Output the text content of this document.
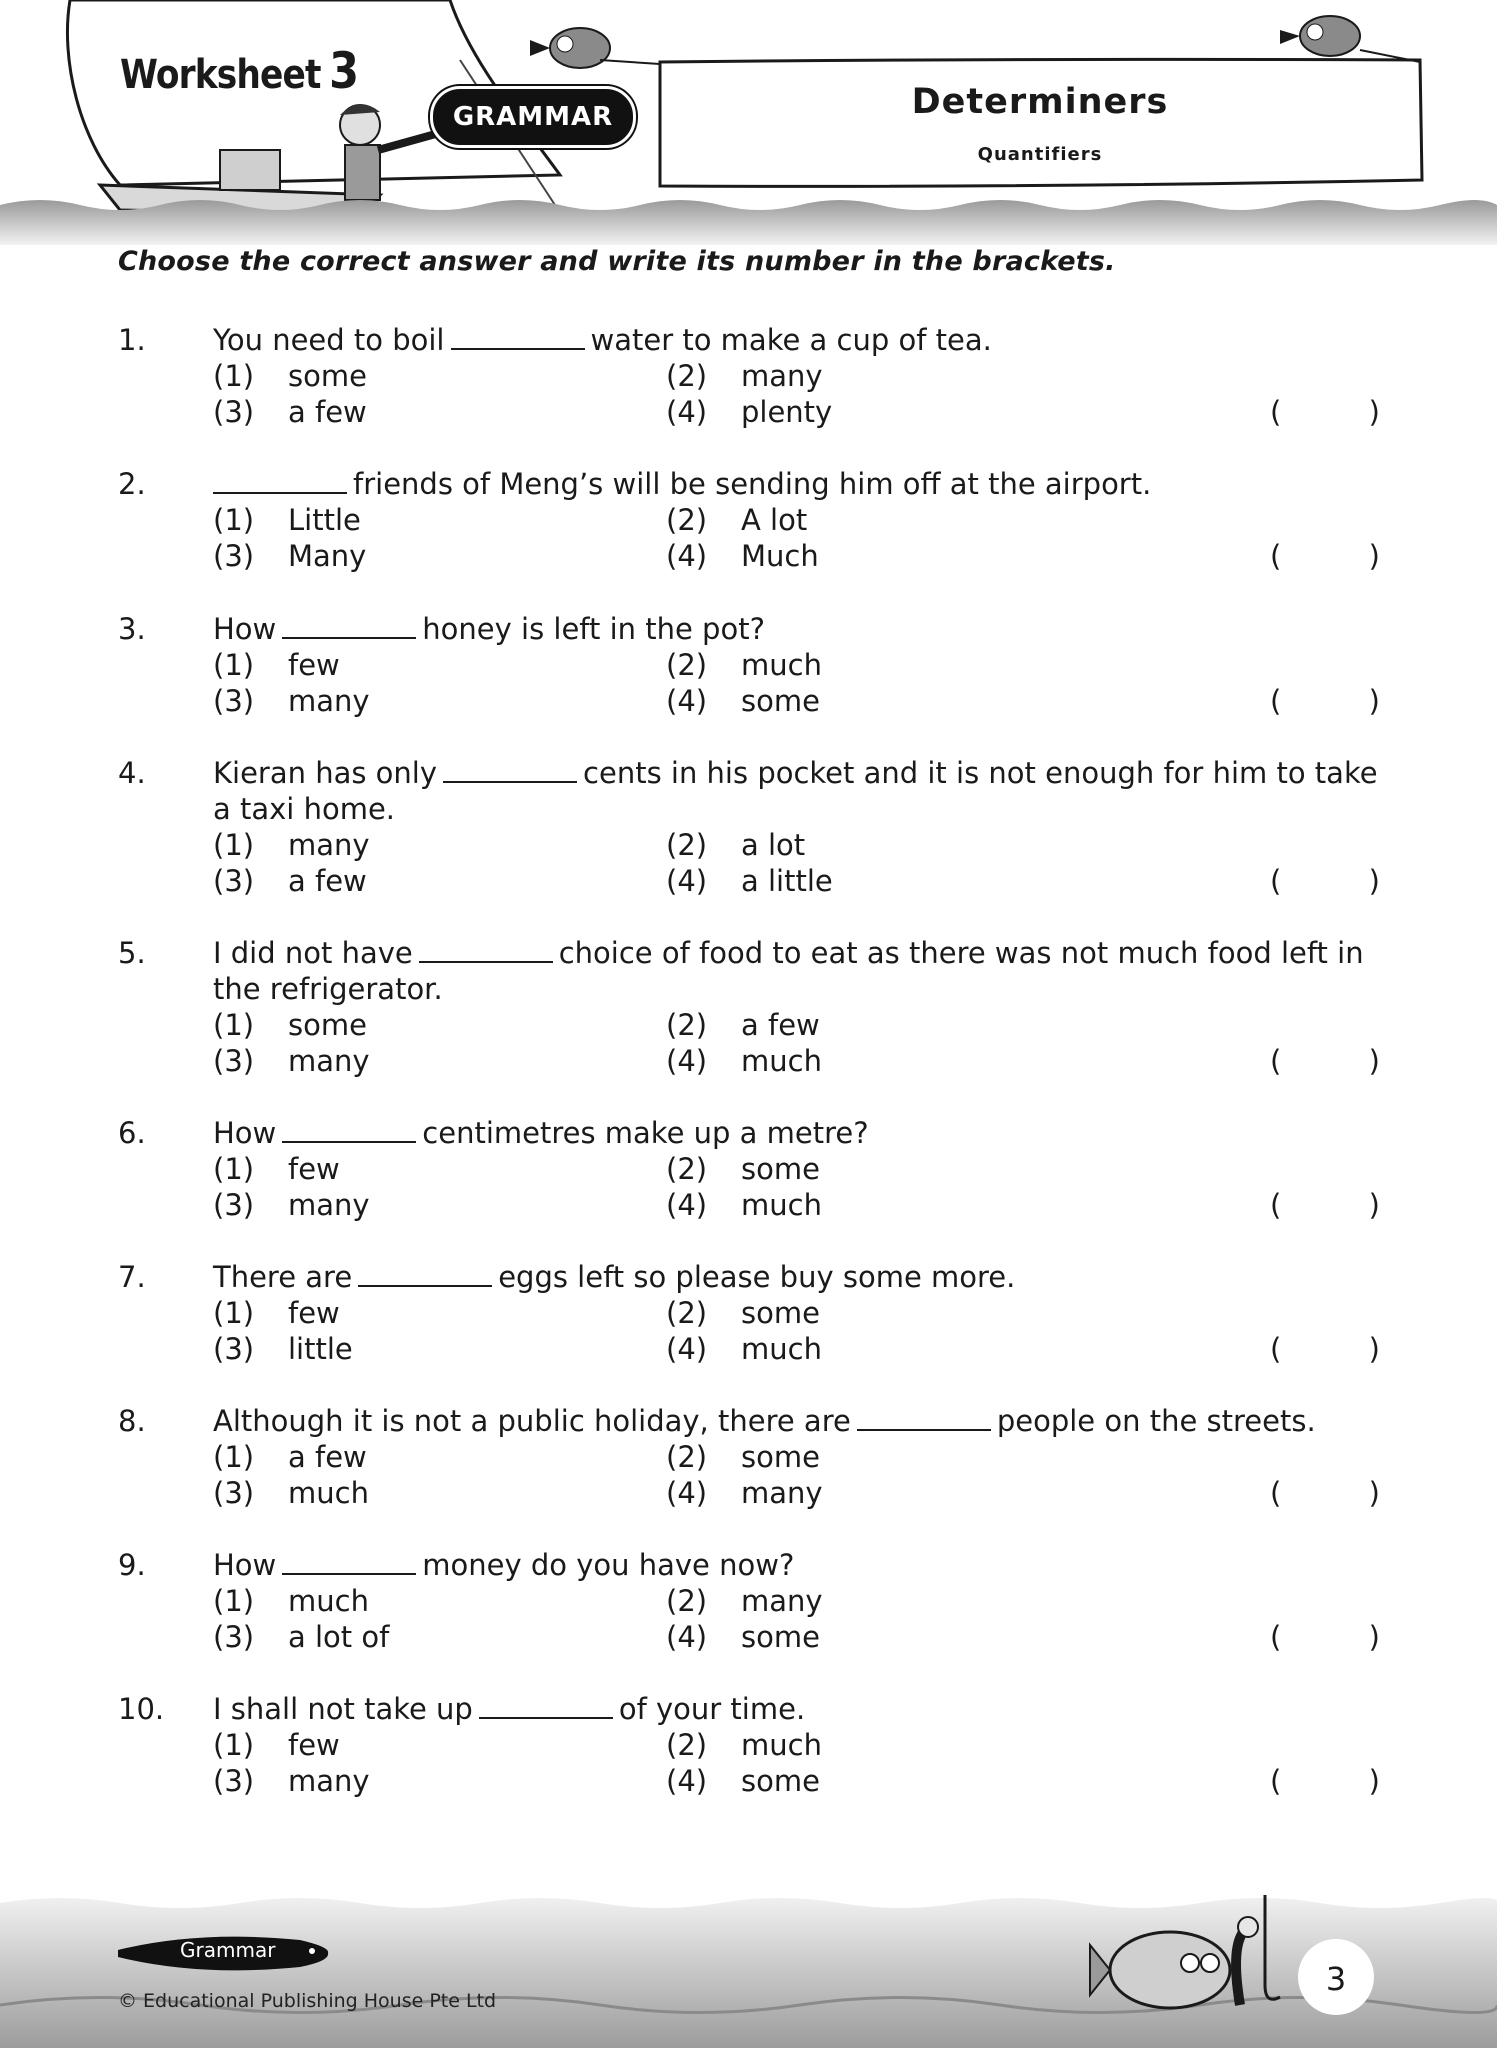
Worksheet 3
GRAMMAR	Determiners
Quantifiers
Choose the correct answer and write its number in the brackets.
1. You need to boil	water to make a cup of tea.
(1) some	(2) many
(3) a few	(4) plenty	(	)
2.	friends of Meng’s will be sending him off at the airport.
(1) Little	(2) A lot
(3) Many	(4) Much	(	)
3. How	honey is left in the pot?
(1) few	(2) much
(3) many	(4) some	(	)
4. Kieran has only	cents in his pocket and it is not enough for him to take a taxi home.
(1) many	(2) a lot
(3) a few	(4) a little	(	)
5. I did not have	choice of food to eat as there was not much food left in the refrigerator.
(1) some	(2) a few
(3) many	(4) much	(	)
6. How	centimetres make up a metre?
(1) few	(2) some
(3) many	(4) much	(	)
7. There are	eggs left so please buy some more.
(1) few	(2) some
(3) little	(4) much	(	)
8. Although it is not a public holiday, there are	people on the streets.
(1) a few	(2) some
(3) much	(4) many	(	)
9. How	money do you have now?
(1) much	(2) many
(3) a lot of	(4) some	(	)
10. I shall not take up	of your time.
(1) few	(2) much
(3) many	(4) some	(	)
Grammar
© Educational Publishing House Pte Ltd
3
